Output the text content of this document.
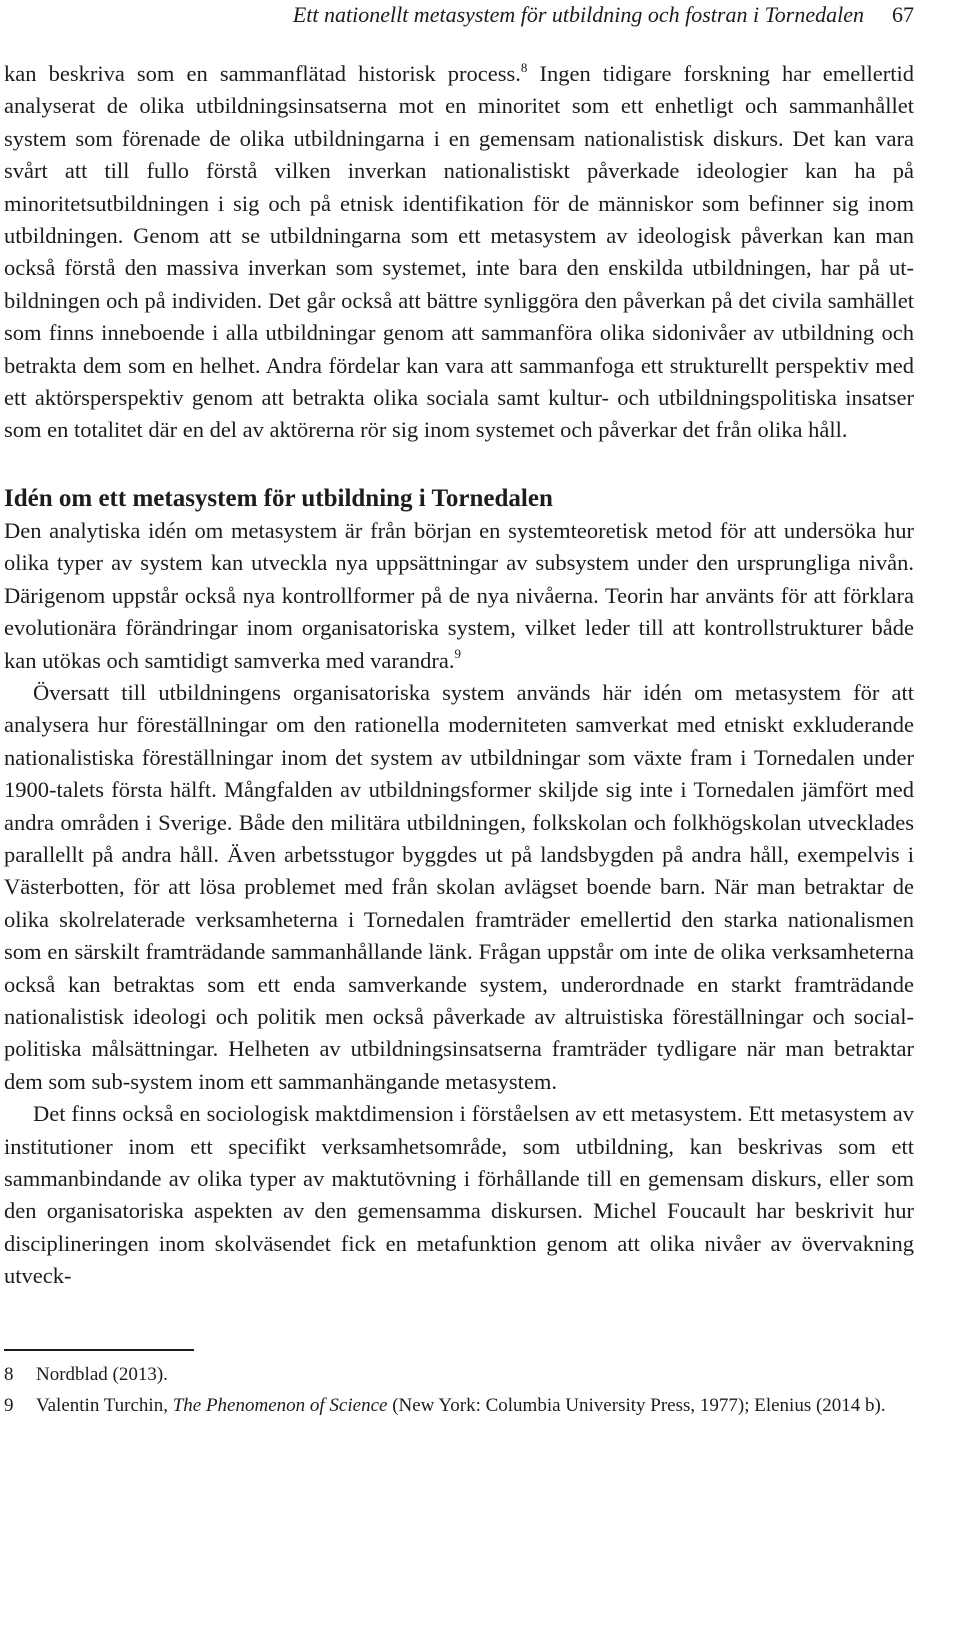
Ett nationellt metasystem för utbildning och fostran i Tornedalen 67

kan beskriva som en sammanflätad historisk process.$^8$ Ingen tidigare forskning har emellertid analyserat de olika utbildningsinsatserna mot en minoritet som ett enhetligt och sammanhållet system som förenade de olika utbildningarna i en gemensam nationalistisk diskurs. Det kan vara svårt att till fullo förstå vilken inverkan nationalistiskt påverkade ideologier kan ha på minoritetsutbildningen i sig och på etnisk identifikation för de människor som befinner sig inom utbildningen. Genom att se utbildningarna som ett metasystem av ideologisk påverkan kan man också förstå den massiva inverkan som systemet, inte bara den enskilda utbildningen, har på utbildningen och på individen. Det går också att bättre synliggöra den påverkan på det civila samhället som finns inneboende i alla utbildningar genom att sammanföra olika sidonivåer av utbildning och betrakta dem som en helhet. Andra fördelar kan vara att sammanfoga ett strukturellt perspektiv med ett aktörsperspektiv genom att betrakta olika sociala samt kultur- och utbildningspolitiska insatser som en totalitet där en del av aktörerna rör sig inom systemet och påverkar det från olika håll.

Idén om ett metasystem för utbildning i Tornedalen

Den analytiska idén om metasystem är från början en systemteoretisk metod för att undersöka hur olika typer av system kan utveckla nya uppsättningar av subsystem under den ursprungliga nivån. Därigenom uppstår också nya kontrollformer på de nya nivåerna. Teorin har använts för att förklara evolutionära förändringar inom organisatoriska system, vilket leder till att kontrollstrukturer både kan utökas och samtidigt samverka med varandra.$^9$

Översatt till utbildningens organisatoriska system används här idén om metasystem för att analysera hur föreställningar om den rationella moderniteten samverkat med etniskt exkluderande nationalistiska föreställningar inom det system av utbildningar som växte fram i Tornedalen under 1900-talets första hälft. Mångfalden av utbildningsformer skiljde sig inte i Tornedalen jämfört med andra områden i Sverige. Både den militära utbildningen, folkskolan och folkhögskolan utvecklades parallellt på andra håll. Även arbetsstugor byggdes ut på landsbygden på andra håll, exempelvis i Västerbotten, för att lösa problemet med från skolan avlägset boende barn. När man betraktar de olika skolrelaterade verksamheterna i Tornedalen framträder emellertid den starka nationalismen som en särskilt framträdande sammanhållande länk. Frågan uppstår om inte de olika verksamheterna också kan betraktas som ett enda samverkande system, underordnade en starkt framträdande nationalistisk ideologi och politik men också påverkade av altruistiska föreställningar och socialpolitiska målsättningar. Helheten av utbildningsinsatserna framträder tydligare när man betraktar dem som sub-system inom ett sammanhängande metasystem.

Det finns också en sociologisk maktdimension i förståelsen av ett metasystem. Ett metasystem av institutioner inom ett specifikt verksamhetsområde, som utbildning, kan beskrivas som ett sammanbindande av olika typer av maktutövning i förhållande till en gemensam diskurs, eller som den organisatoriska aspekten av den gemensamma diskursen. Michel Foucault har beskrivit hur disciplineringen inom skolväsendet fick en metafunktion genom att olika nivåer av övervakning utveck-

8	Nordblad (2013).
9	Valentin Turchin, The Phenomenon of Science (New York: Columbia University Press, 1977); Elenius (2014 b).
